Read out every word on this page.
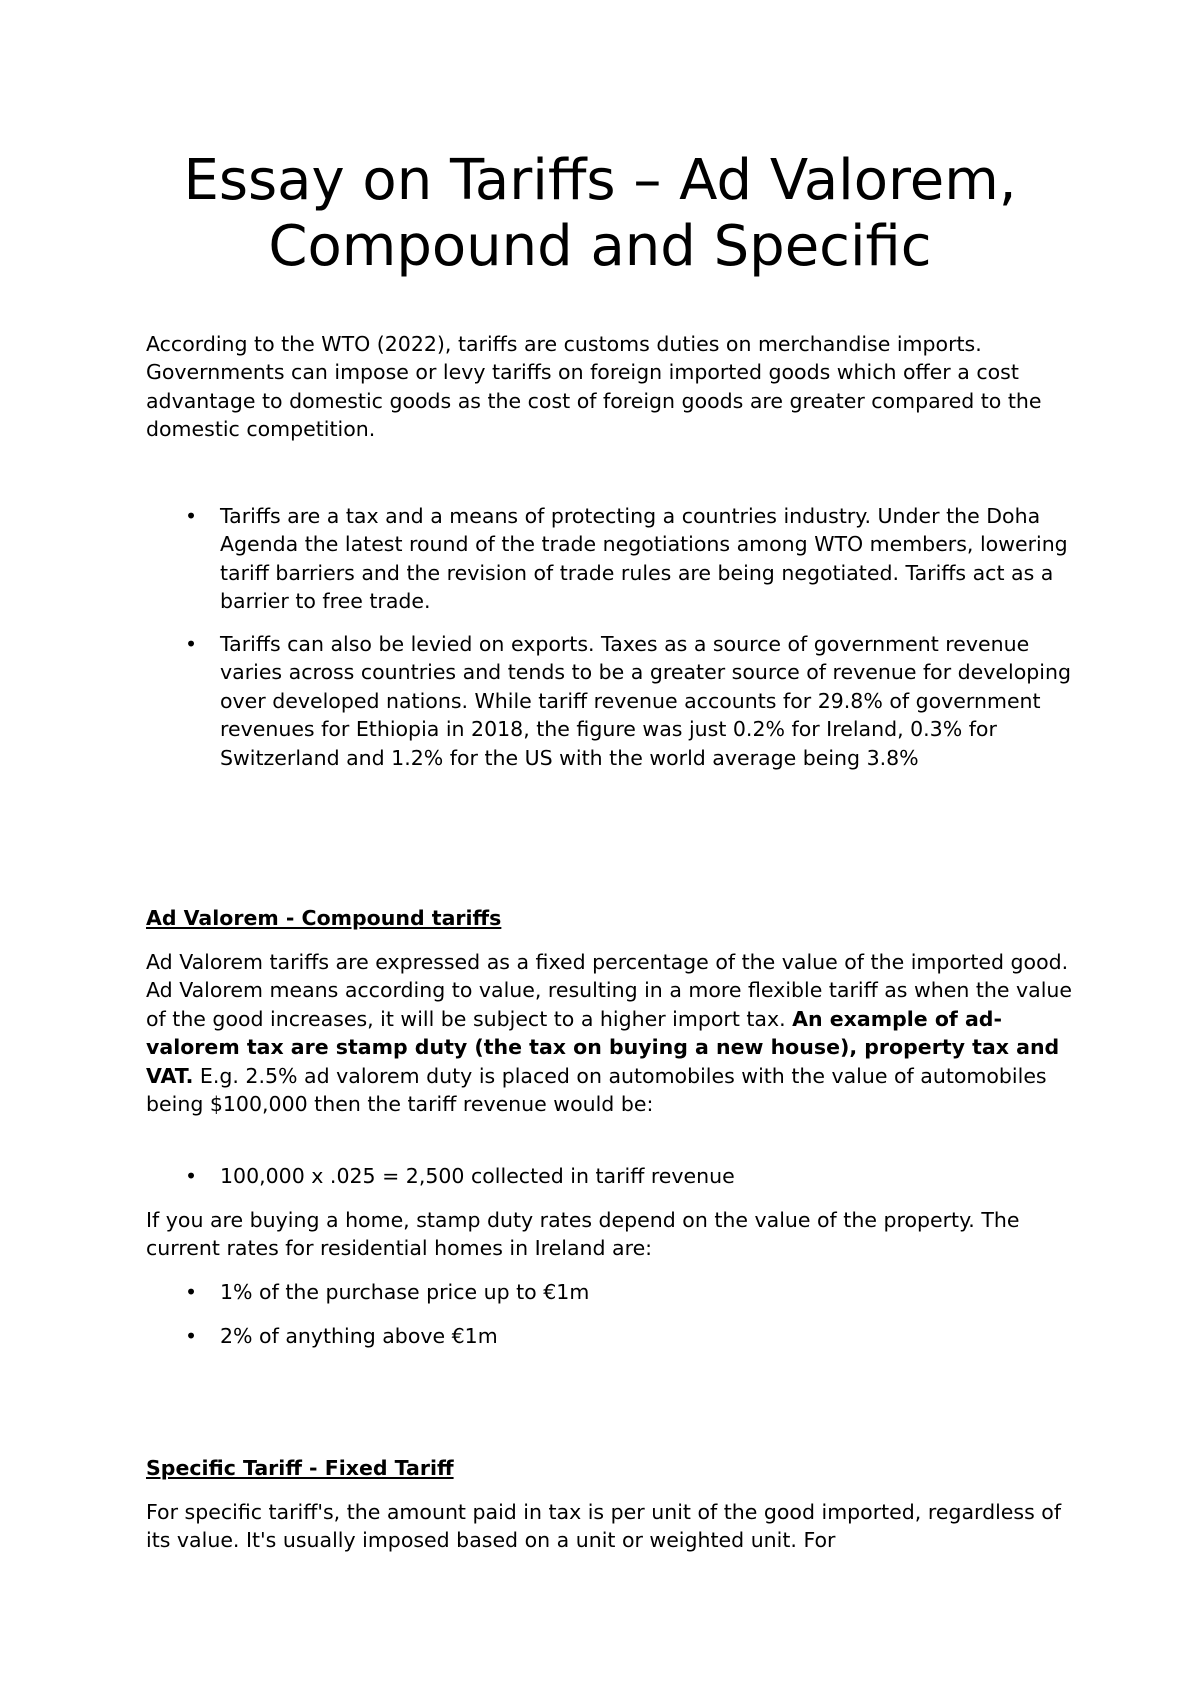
Essay on Tariffs – Ad Valorem,
Compound and Specific

According to the WTO (2022), tariffs are customs duties on merchandise imports. Governments can impose or levy tariffs on foreign imported goods which offer a cost advantage to domestic goods as the cost of foreign goods are greater compared to the domestic competition.

• Tariffs are a tax and a means of protecting a countries industry. Under the Doha Agenda the latest round of the trade negotiations among WTO members, lowering tariff barriers and the revision of trade rules are being negotiated. Tariffs act as a barrier to free trade.
• Tariffs can also be levied on exports. Taxes as a source of government revenue varies across countries and tends to be a greater source of revenue for developing over developed nations. While tariff revenue accounts for 29.8% of government revenues for Ethiopia in 2018, the figure was just 0.2% for Ireland, 0.3% for Switzerland and 1.2% for the US with the world average being 3.8%
Ad Valorem - Compound tariffs

Ad Valorem tariffs are expressed as a fixed percentage of the value of the imported good. Ad Valorem means according to value, resulting in a more flexible tariff as when the value of the good increases, it will be subject to a higher import tax. An example of ad-valorem tax are stamp duty (the tax on buying a new house), property tax and VAT. E.g. 2.5% ad valorem duty is placed on automobiles with the value of automobiles being $100,000 then the tariff revenue would be:

• 100,000 x .025 = 2,500 collected in tariff revenue

If you are buying a home, stamp duty rates depend on the value of the property. The current rates for residential homes in Ireland are:

• 1% of the purchase price up to €1m
• 2% of anything above €1m
Specific Tariff - Fixed Tariff

For specific tariff's, the amount paid in tax is per unit of the good imported, regardless of its value. It's usually imposed based on a unit or weighted unit. For
